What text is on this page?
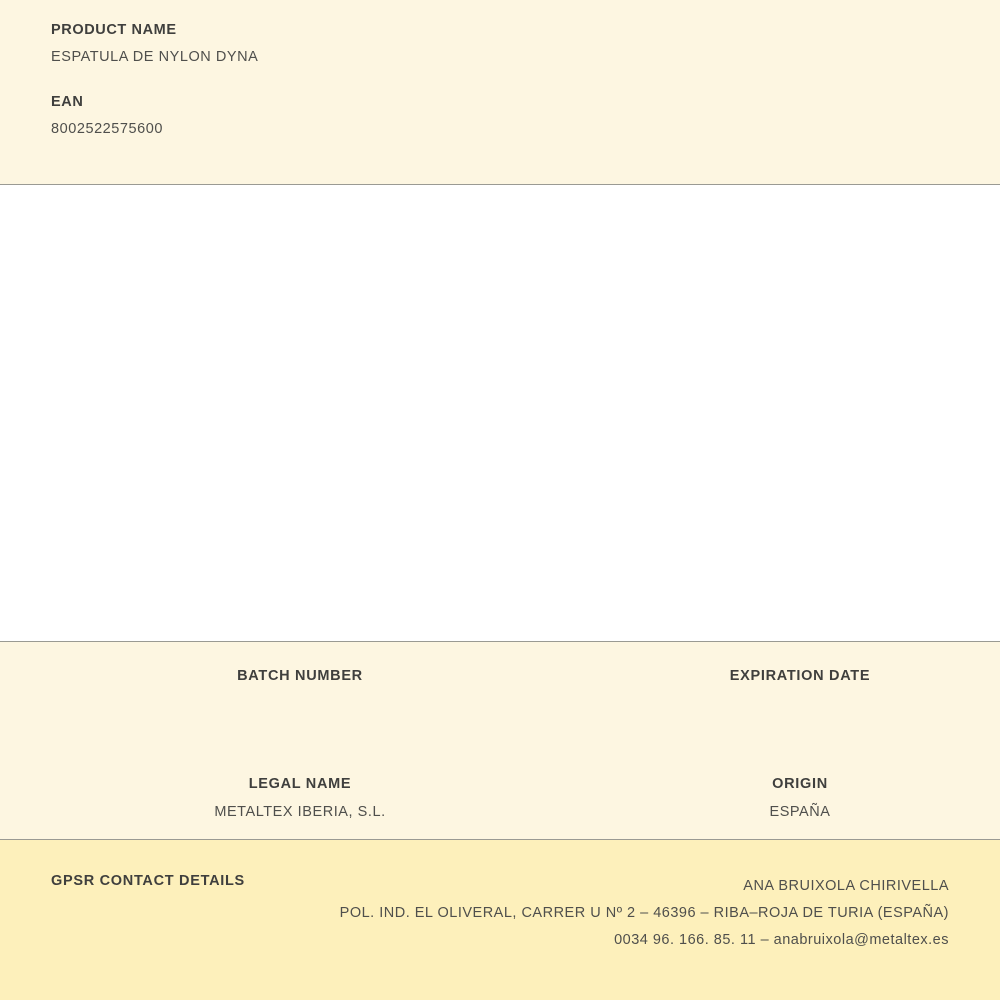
PRODUCT NAME

ESPATULA DE NYLON DYNA

EAN

8002522575600

BATCH NUMBER	EXPIRATION DATE

LEGAL NAME

METALTEX IBERIA, S.L.

ORIGIN

ESPAÑA

GPSR CONTACT DETAILS	ANA BRUIXOLA CHIRIVELLA
POL. IND. EL OLIVERAL, CARRER U Nº 2 – 46396 – RIBA–ROJA DE TURIA (ESPAÑA)
0034 96. 166. 85. 11 – anabruixola@metaltex.es
